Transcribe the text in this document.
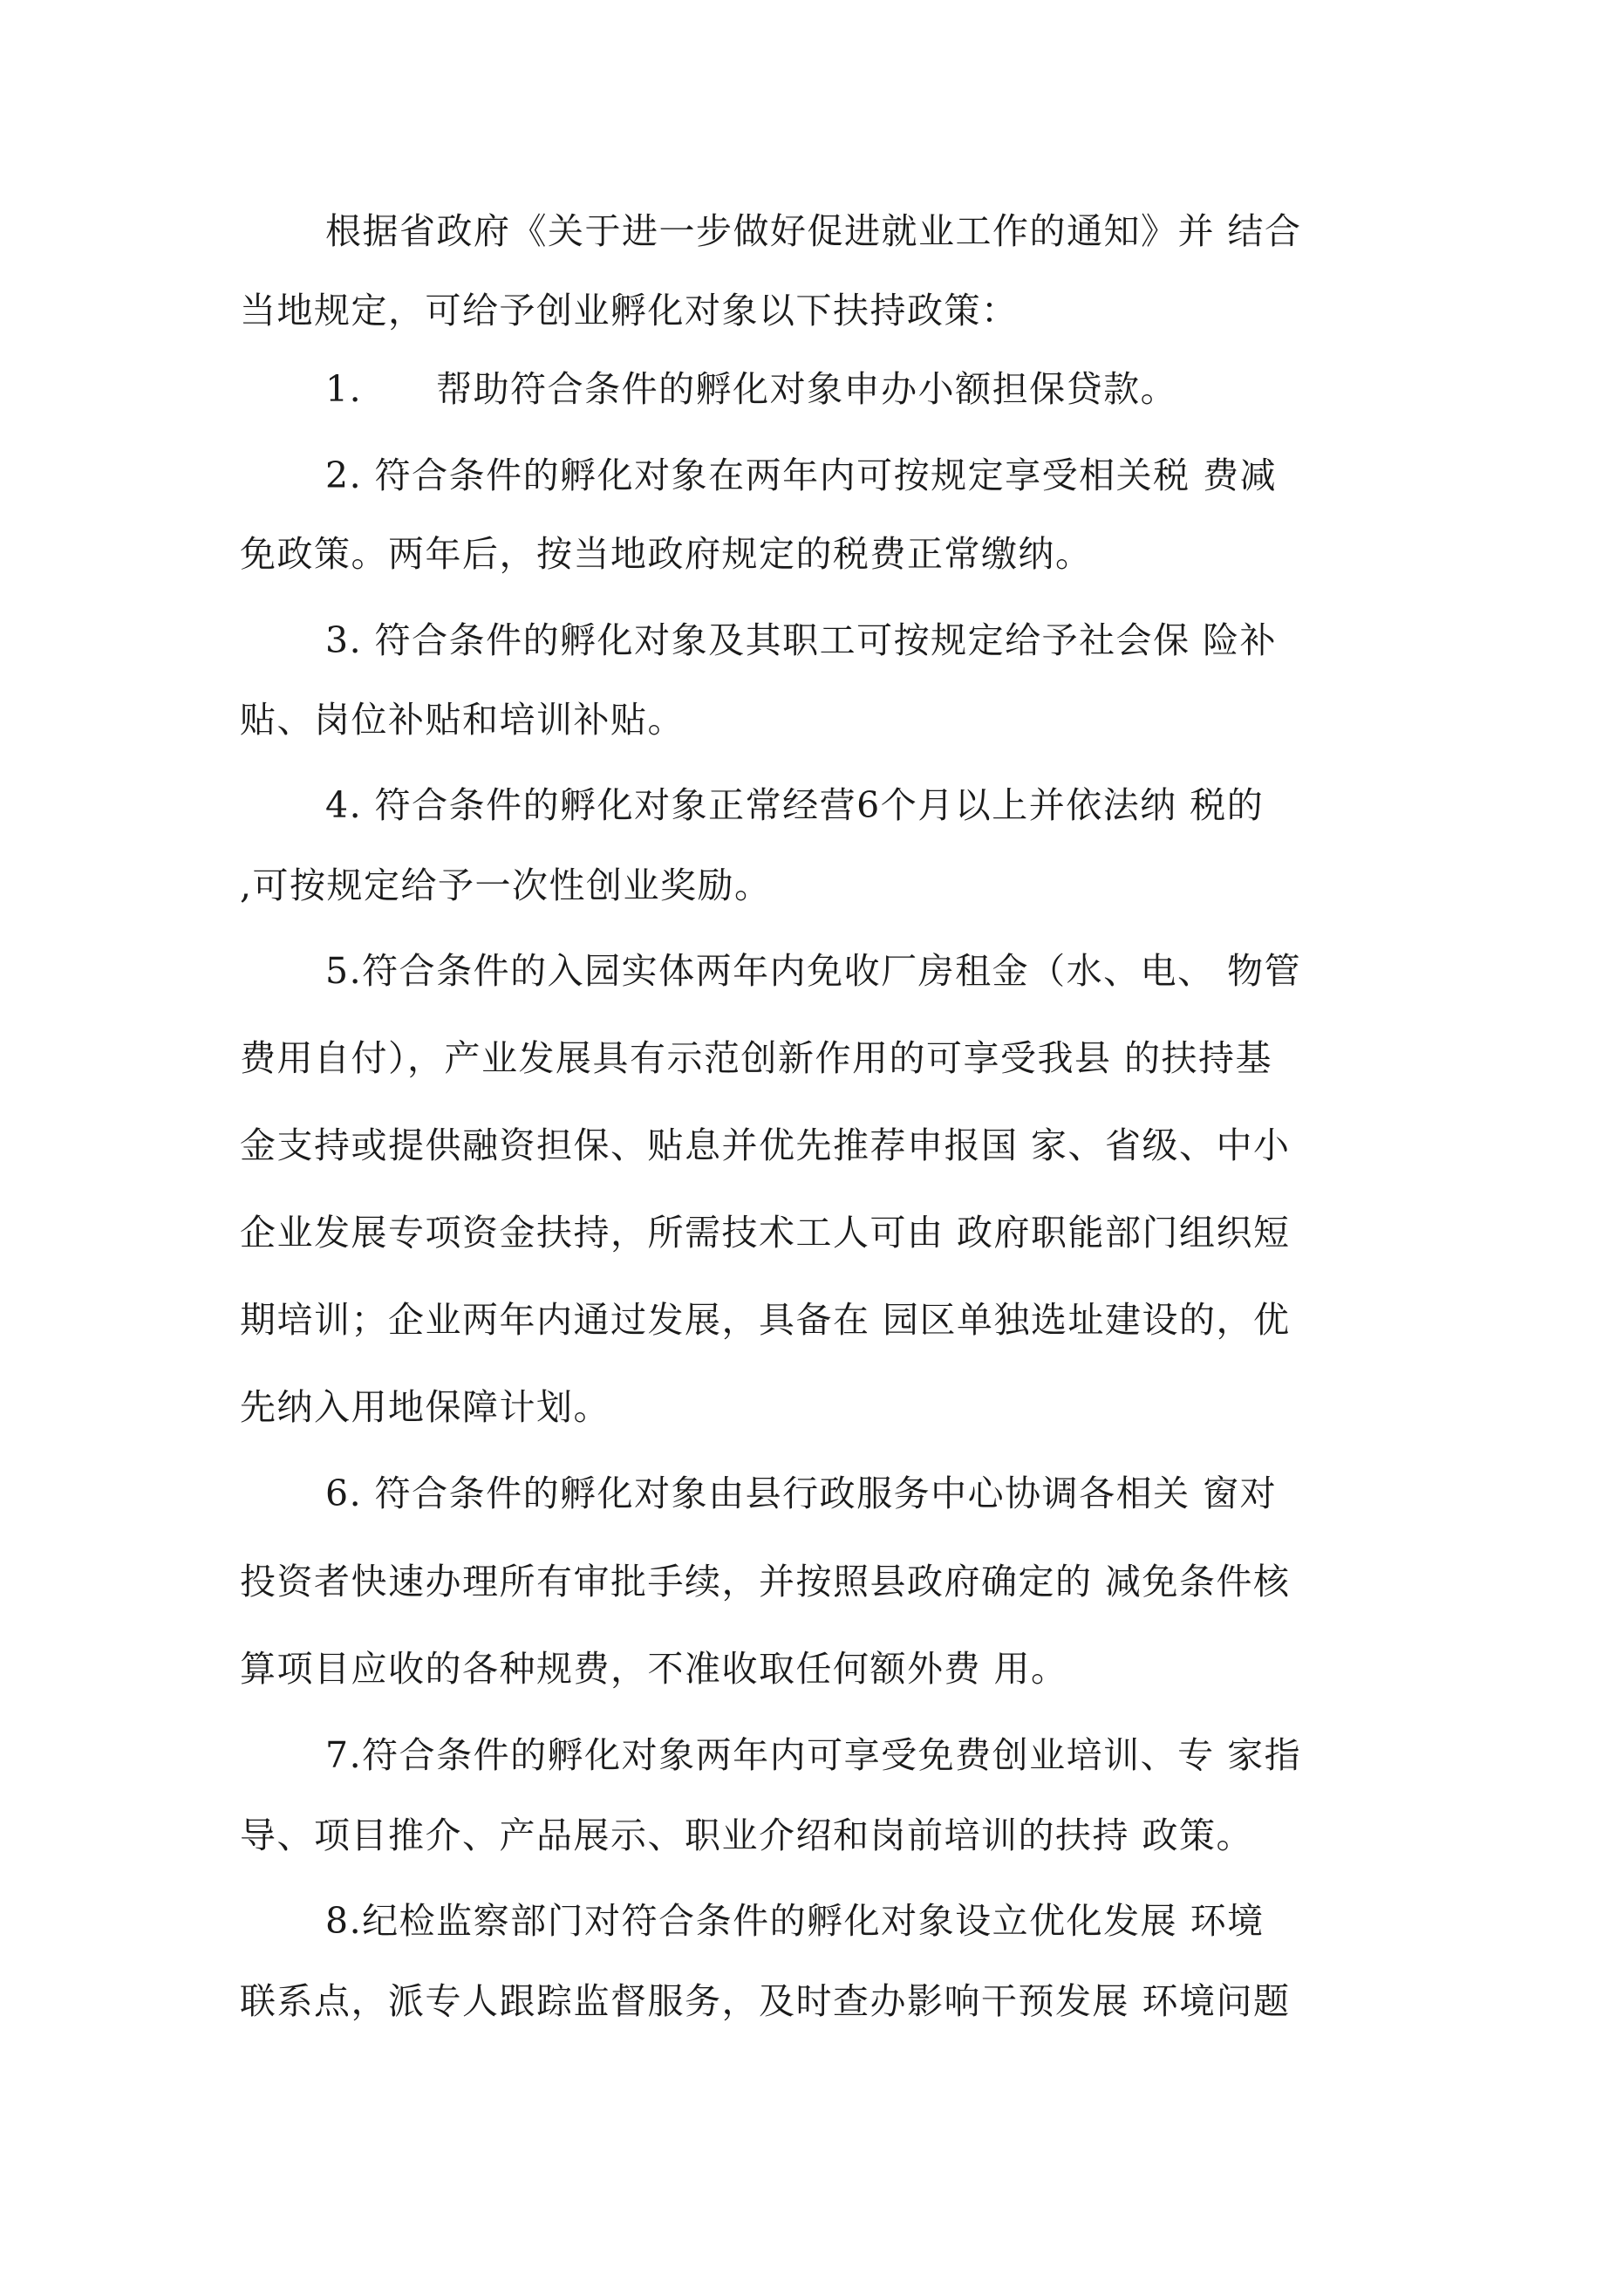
根据省政府《关于进一步做好促进就业工作的通知》并 结合
当地规定，可给予创业孵化对象以下扶持政策：
1.　　帮助符合条件的孵化对象申办小额担保贷款。
2. 符合条件的孵化对象在两年内可按规定享受相关税 费减
免政策。两年后，按当地政府规定的税费正常缴纳。
3. 符合条件的孵化对象及其职工可按规定给予社会保 险补
贴、岗位补贴和培训补贴。
4. 符合条件的孵化对象正常经营6个月以上并依法纳 税的
,可按规定给予一次性创业奖励。
5.符合条件的入园实体两年内免收厂房租金（水、电、 物管
费用自付），产业发展具有示范创新作用的可享受我县 的扶持基
金支持或提供融资担保、贴息并优先推荐申报国 家、省级、中小
企业发展专项资金扶持，所需技术工人可由 政府职能部门组织短
期培训；企业两年内通过发展，具备在 园区单独选址建设的，优
先纳入用地保障计划。
6. 符合条件的孵化对象由县行政服务中心协调各相关 窗对
投资者快速办理所有审批手续，并按照县政府确定的 减免条件核
算项目应收的各种规费，不准收取任何额外费 用。
7.符合条件的孵化对象两年内可享受免费创业培训、专 家指
导、项目推介、产品展示、职业介绍和岗前培训的扶持 政策。
8.纪检监察部门对符合条件的孵化对象设立优化发展 环境
联系点，派专人跟踪监督服务，及时查办影响干预发展 环境问题
